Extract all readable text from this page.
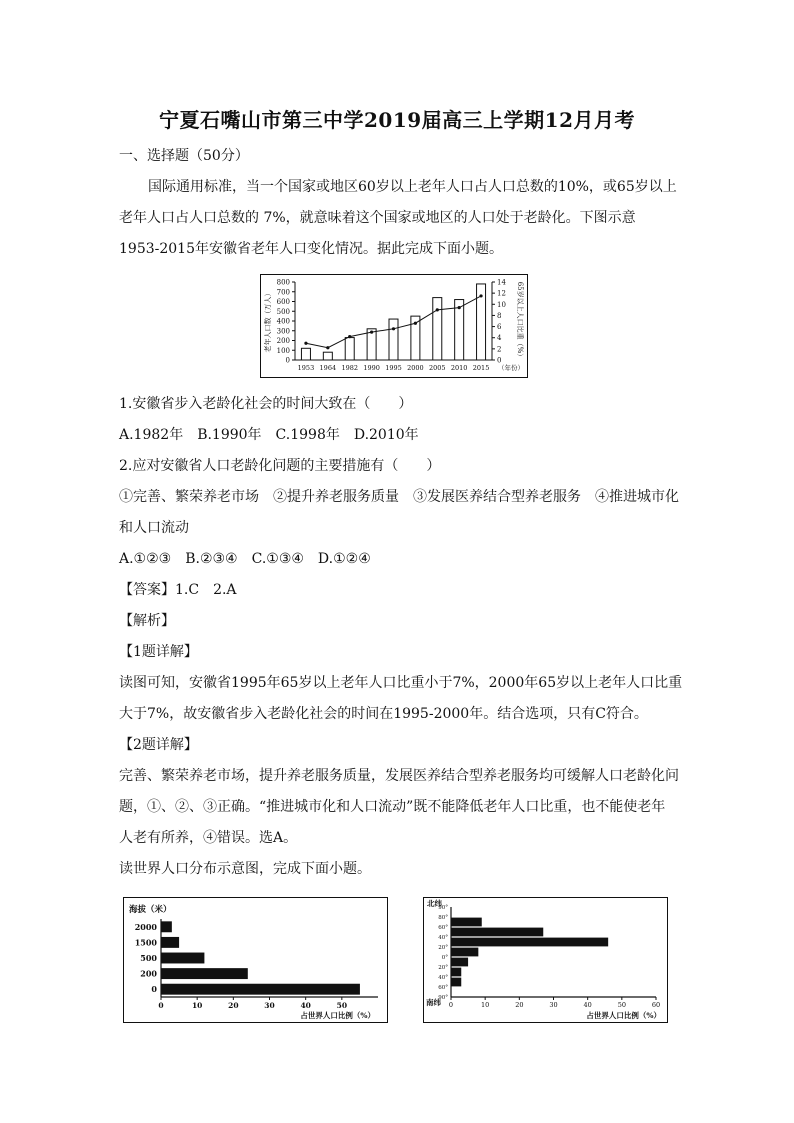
宁夏石嘴山市第三中学2019届高三上学期12月月考
一、选择题（50分）
国际通用标准，当一个国家或地区60岁以上老年人口占人口总数的10%，或65岁以上
老年人口占人口总数的 7%，就意味着这个国家或地区的人口处于老龄化。下图示意
1953-2015年安徽省老年人口变化情况。据此完成下面小题。
0
100
200
300
400
500
600
700
800
0
2
4
6
8
10
12
14
老年人口数（万人）	65岁以上人口比重（%）
1953 1964 1982 1990 1995 2000 2005 2010 2015 （年份）
1.安徽省步入老龄化社会的时间大致在（　　）
A.1982年　B.1990年　C.1998年　D.2010年
2.应对安徽省人口老龄化问题的主要措施有（　　）
①完善、繁荣养老市场　②提升养老服务质量　③发展医养结合型养老服务　④推进城市化
和人口流动
A.①②③　B.②③④　C.①③④　D.①②④
【答案】1.C　2.A
【解析】
【1题详解】
读图可知，安徽省1995年65岁以上老年人口比重小于7%，2000年65岁以上老年人口比重
大于7%，故安徽省步入老龄化社会的时间在1995-2000年。结合选项，只有C符合。
【2题详解】
完善、繁荣养老市场，提升养老服务质量，发展医养结合型养老服务均可缓解人口老龄化问
题，①、②、③正确。“推进城市化和人口流动”既不能降低老年人口比重，也不能使老年
人老有所养，④错误。选A。
读世界人口分布示意图，完成下面小题。
海拔（米）
2000
1500
500
200
0
0	10	20	30	40	50
占世界人口比例（%）
北纬
南纬
90°
80°
60°
40°
20°
0°
20°
40°
60°
90°
0	10	20	30	40	50	60
占世界人口比例（%）
